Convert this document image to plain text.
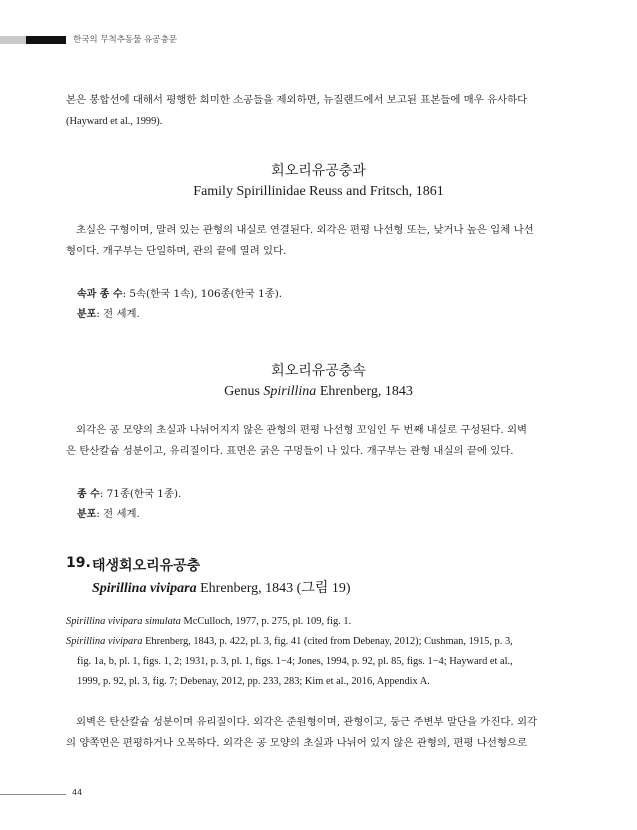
한국의 무척추동물 유공충문
본은 봉합선에 대해서 평행한 희미한 소공들을 제외하면, 뉴질랜드에서 보고된 표본들에 매우 유사하다
(Hayward et al., 1999).
회오리유공충과
Family Spirillinidae Reuss and Fritsch, 1861
초실은 구형이며, 말려 있는 관형의 내실로 연결된다. 외각은 편평 나선형 또는, 낮거나 높은 입체 나선
형이다. 개구부는 단일하며, 관의 끝에 열려 있다.
속과 종 수: 5속(한국 1속), 106종(한국 1종).
분포: 전 세계.
회오리유공충속
Genus Spirillina Ehrenberg, 1843
외각은 공 모양의 초실과 나뉘어지지 않은 관형의 편평 나선형 꼬임인 두 번째 내실로 구성된다. 외벽
은 탄산칼슘 성분이고, 유리질이다. 표면은 굵은 구멍들이 나 있다. 개구부는 관형 내실의 끝에 있다.
종 수: 71종(한국 1종).
분포: 전 세계.
19. 태생회오리유공충
Spirillina vivipara Ehrenberg, 1843 (그림 19)
Spirillina vivipara simulata McCulloch, 1977, p. 275, pl. 109, fig. 1.
Spirillina vivipara Ehrenberg, 1843, p. 422, pl. 3, fig. 41 (cited from Debenay, 2012); Cushman, 1915, p. 3,
fig. 1a, b, pl. 1, figs. 1, 2; 1931, p. 3, pl. 1, figs. 1−4; Jones, 1994, p. 92, pl. 85, figs. 1−4; Hayward et al.,
1999, p. 92, pl. 3, fig. 7; Debenay, 2012, pp. 233, 283; Kim et al., 2016, Appendix A.
외벽은 탄산칼슘 성분이며 유리질이다. 외각은 준원형이며, 관형이고, 둥근 주변부 말단을 가진다. 외각
의 양쪽면은 편평하거나 오목하다. 외각은 공 모양의 초실과 나뉘어 있지 않은 관형의, 편평 나선형으로
44
